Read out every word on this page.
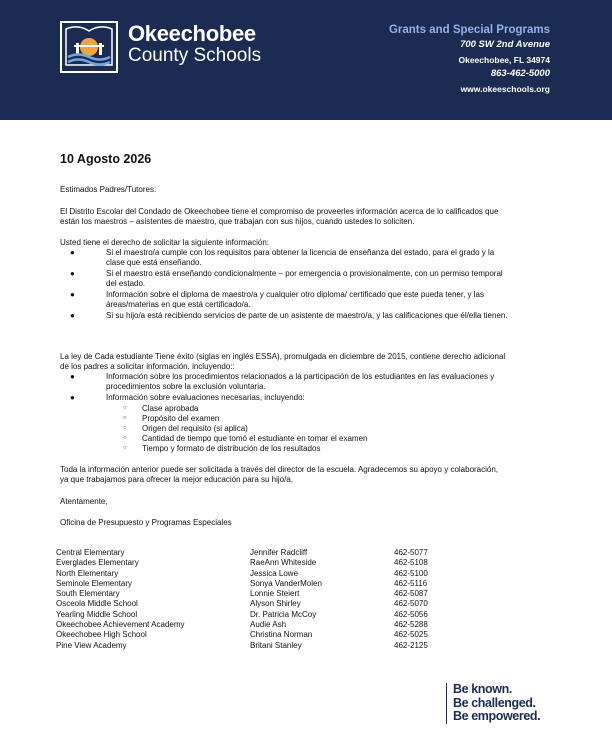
Okeechobee
County Schools
Grants and Special Programs
700 SW 2nd Avenue
Okeechobee, FL 34974
863-462-5000
www.okeeschools.org
10 Agosto 2026
Estimados Padres/Tutores:
El Distrito Escolar del Condado de Okeechobee tiene el compromiso de proveerles información acerca de lo calificados que
están los maestros – asistentes de maestro, que trabajan con sus hijos, cuando ustedes lo soliciten.
Usted tiene el derecho de solicitar la siguiente información:
●	Si el maestro/a cumple con los requisitos para obtener la licencia de enseñanza del estado, para el grado y la
clase que está enseñando.
●	Si el maestro está enseñando condicionalmente – por emergencia o provisionalmente, con un permiso temporal
del estado.
●	Información sobre el diploma de maestro/a y cualquier otro diploma/ certificado que este pueda tener, y las
áreas/materias en que está certificado/a.
●	Si su hijo/a está recibiendo servicios de parte de un asistente de maestro/a, y las calificaciones que él/ella tienen.
La ley de Cada estudiante Tiene éxito (siglas en inglés ESSA), promulgada en diciembre de 2015, contiene derecho adicional
de los padres a solicitar información, incluyendo::
●	Información sobre los procedimientos relacionados a la participación de los estudiantes en las evaluaciones y
procedimientos sobre la exclusión voluntaria.
●	Información sobre evaluaciones necesarias, incluyendo:
○ Clase aprobada
○ Propósito del examen
○ Origen del requisito (si aplica)
○ Cantidad de tiempo que tomó el estudiante en tomar el examen
○ Tiempo y formato de distribución de los resultados
Toda la información anterior puede ser solicitada a través del director de la escuela. Agradecemos su apoyo y colaboración,
ya que trabajamos para ofrecer la mejor educación para su hijo/a.
Atentamente,
Oficina de Presupuesto y Programas Especiales
Central Elementary	Jennifer Radcliff	462-5077
Everglades Elementary	RaeAnn Whiteside	462-5108
North Elementary	Jessica Lowe	462-5100
Seminole Elementary	Sonya VanderMolen	462-5116
South Elementary	Lonnie Steiert	462-5087
Osceola Middle School	Alyson Shirley	462-5070
Yearling Middle School	Dr. Patricia McCoy	462-5056
Okeechobee Achievement Academy	Audie Ash	462-5288
Okeechobee High School	Christina Norman	462-5025
Pine View Academy	Britani Stanley	462-2125
Be known.
Be challenged.
Be empowered.
